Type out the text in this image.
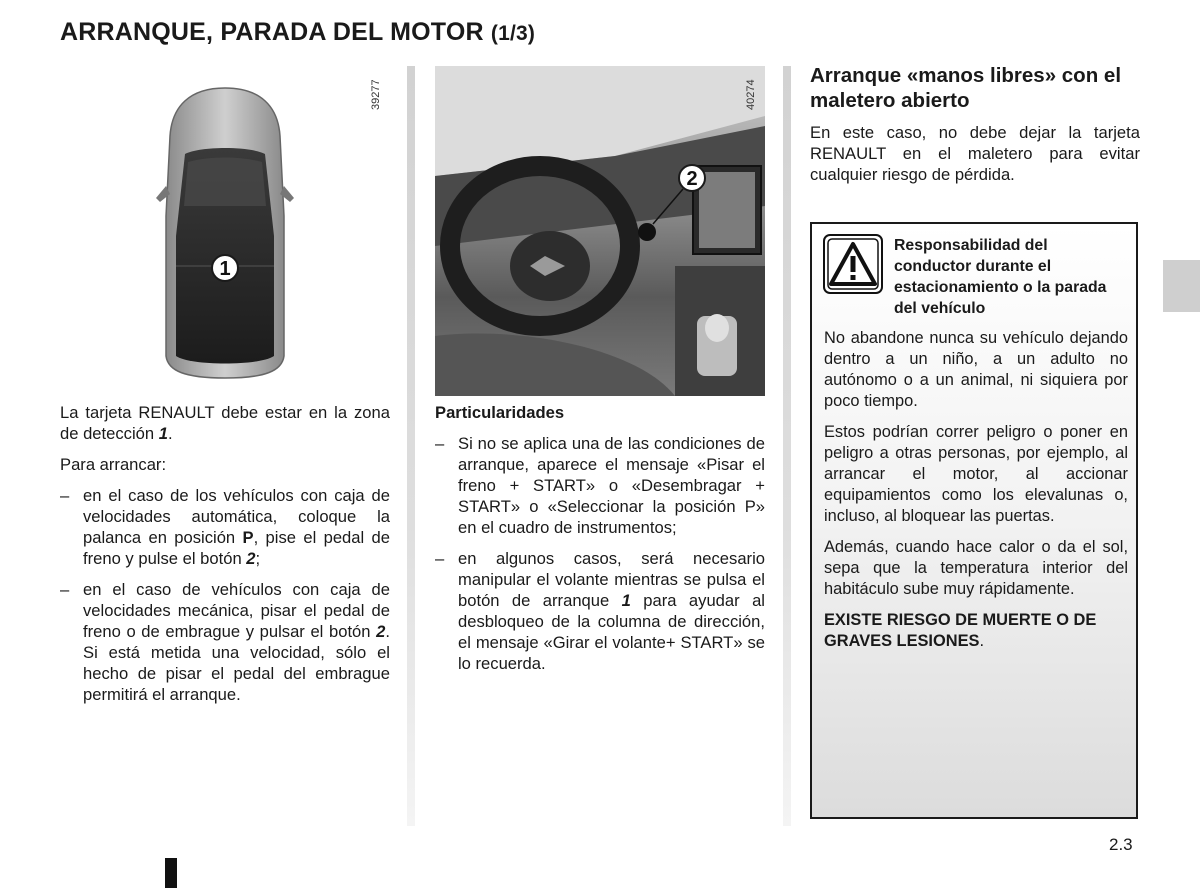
ARRANQUE, PARADA DEL MOTOR (1/3)
1
39277
2
40274

La tarjeta RENAULT debe estar en la zona de detección 1.

Para arrancar:

– en el caso de los vehículos con caja de velocidades automática, coloque la palanca en posición P, pise el pedal de freno y pulse el botón 2;
– en el caso de vehículos con caja de velocidades mecánica, pisar el pedal de freno o de embrague y pulsar el botón 2. Si está metida una velocidad, sólo el hecho de pisar el pedal del embrague permitirá el arranque.

Particularidades

– Si no se aplica una de las condiciones de arranque, aparece el mensaje «Pisar el freno + START» o «Desembragar + START» o «Seleccionar la posición P» en el cuadro de instrumentos;
– en algunos casos, será necesario manipular el volante mientras se pulsa el botón de arranque 1 para ayudar al desbloqueo de la columna de dirección, el mensaje «Girar el volante+ START» se lo recuerda.
Arranque «manos libres» con el maletero abierto
En este caso, no debe dejar la tarjeta RENAULT en el maletero para evitar cualquier riesgo de pérdida.
Responsabilidad del conductor durante el estacionamiento o la parada del vehículo

No abandone nunca su vehículo dejando dentro a un niño, a un adulto no autónomo o a un animal, ni siquiera por poco tiempo.

Estos podrían correr peligro o poner en peligro a otras personas, por ejemplo, al arrancar el motor, al accionar equipamientos como los elevalunas o, incluso, al bloquear las puertas.

Además, cuando hace calor o da el sol, sepa que la temperatura interior del habitáculo sube muy rápidamente.

EXISTE RIESGO DE MUERTE O DE GRAVES LESIONES.

2.3
